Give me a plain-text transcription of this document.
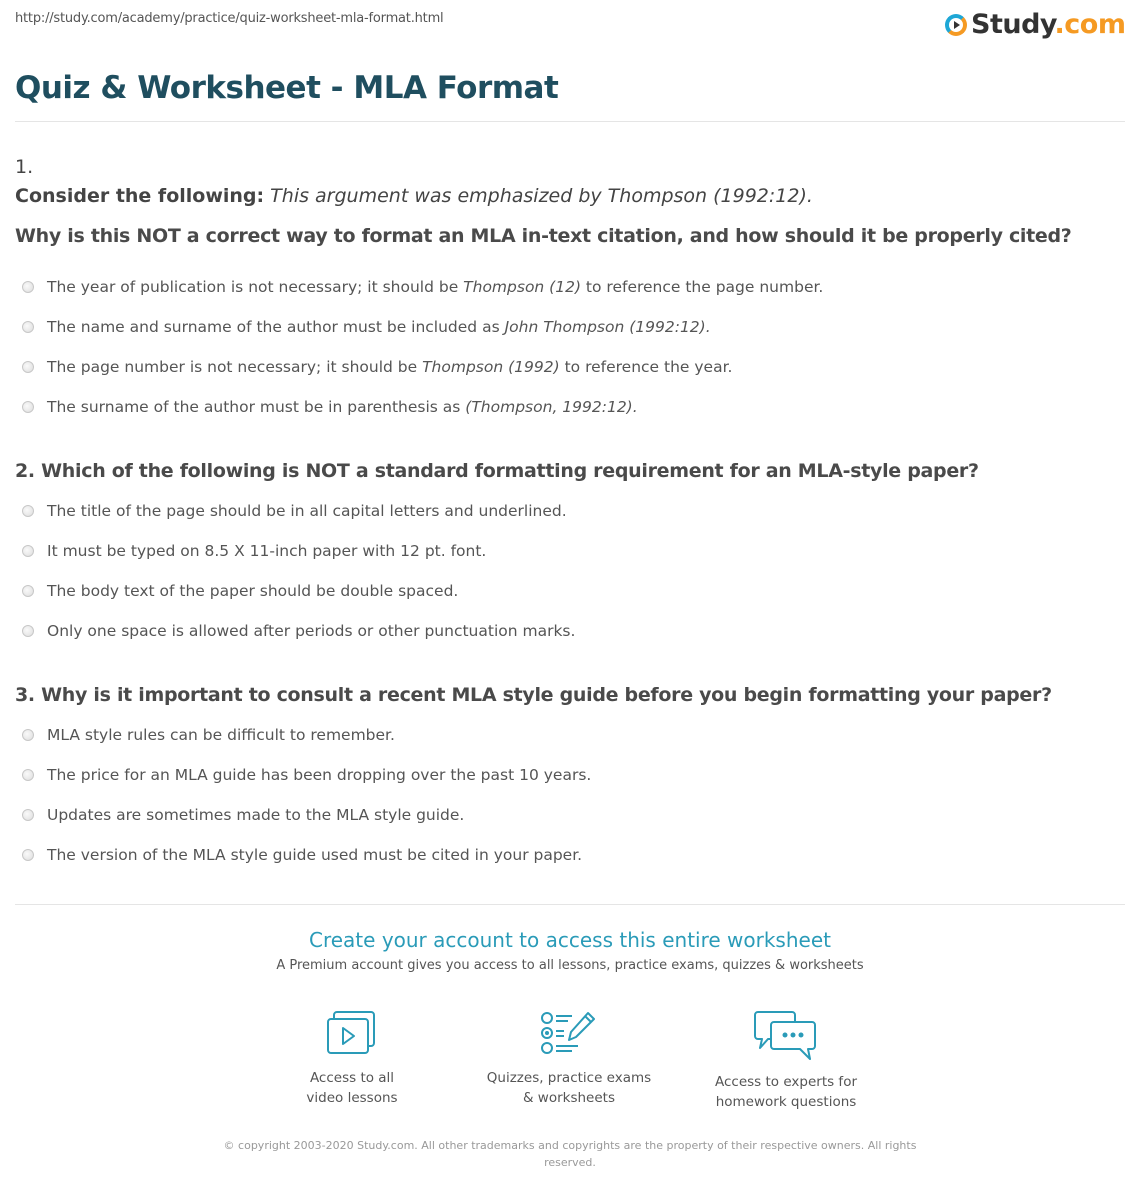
http://study.com/academy/practice/quiz-worksheet-mla-format.html	Study.com
Quiz & Worksheet - MLA Format
1.
Consider the following: This argument was emphasized by Thompson (1992:12).
Why is this NOT a correct way to format an MLA in-text citation, and how should it be properly cited?
The year of publication is not necessary; it should be Thompson (12) to reference the page number.
The name and surname of the author must be included as John Thompson (1992:12).
The page number is not necessary; it should be Thompson (1992) to reference the year.
The surname of the author must be in parenthesis as (Thompson, 1992:12).
2. Which of the following is NOT a standard formatting requirement for an MLA-style paper?
The title of the page should be in all capital letters and underlined.
It must be typed on 8.5 X 11-inch paper with 12 pt. font.
The body text of the paper should be double spaced.
Only one space is allowed after periods or other punctuation marks.
3. Why is it important to consult a recent MLA style guide before you begin formatting your paper?
MLA style rules can be difficult to remember.
The price for an MLA guide has been dropping over the past 10 years.
Updates are sometimes made to the MLA style guide.
The version of the MLA style guide used must be cited in your paper.
Create your account to access this entire worksheet
A Premium account gives you access to all lessons, practice exams, quizzes & worksheets
Access to all
video lessons
Quizzes, practice exams
& worksheets
Access to experts for
homework questions
© copyright 2003-2020 Study.com. All other trademarks and copyrights are the property of their respective owners. All rights
reserved.
